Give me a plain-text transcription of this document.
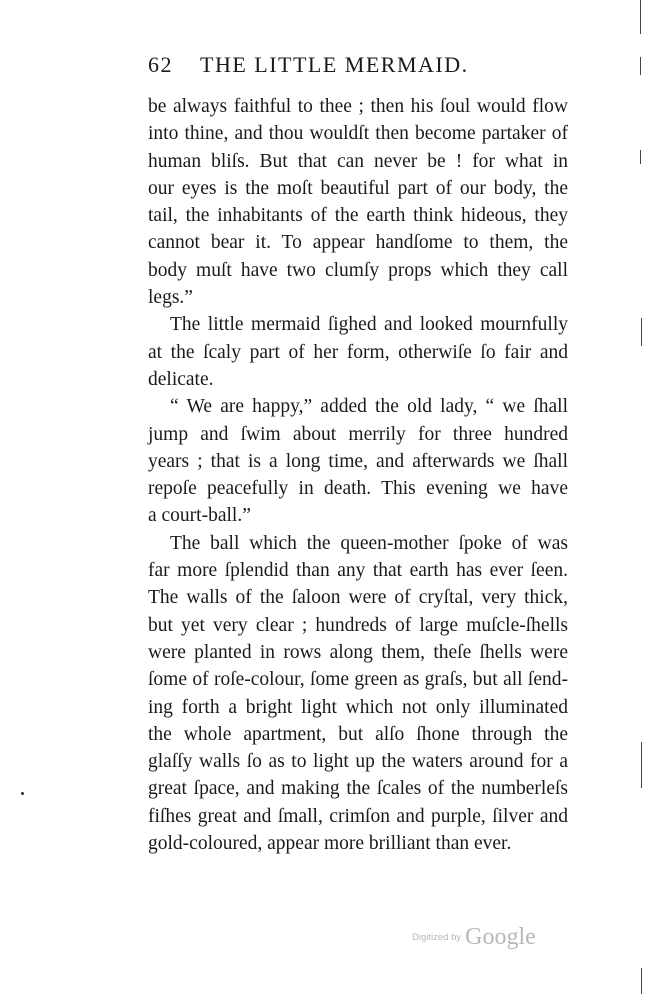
62 THE LITTLE MERMAID.
be always faithful to thee ; then his ſoul would flow
into thine, and thou wouldſt then become partaker of
human bliſs. But that can never be ! for what in
our eyes is the moſt beautiful part of our body, the
tail, the inhabitants of the earth think hideous, they
cannot bear it. To appear handſome to them, the
body muſt have two clumſy props which they call
legs.”
The little mermaid ſighed and looked mournfully
at the ſcaly part of her form, otherwiſe ſo fair and
delicate.
“ We are happy,” added the old lady, “ we ſhall
jump and ſwim about merrily for three hundred
years ; that is a long time, and afterwards we ſhall
repoſe peacefully in death. This evening we have
a court-ball.”
The ball which the queen-mother ſpoke of was
far more ſplendid than any that earth has ever ſeen.
The walls of the ſaloon were of cryſtal, very thick,
but yet very clear ; hundreds of large muſcle-ſhells
were planted in rows along them, theſe ſhells were
ſome of roſe-colour, ſome green as graſs, but all ſend-
ing forth a bright light which not only illuminated
the whole apartment, but alſo ſhone through the
glaſſy walls ſo as to light up the waters around for a
great ſpace, and making the ſcales of the numberleſs
fiſhes great and ſmall, crimſon and purple, ſilver and
gold-coloured, appear more brilliant than ever.
Digitized by Google
